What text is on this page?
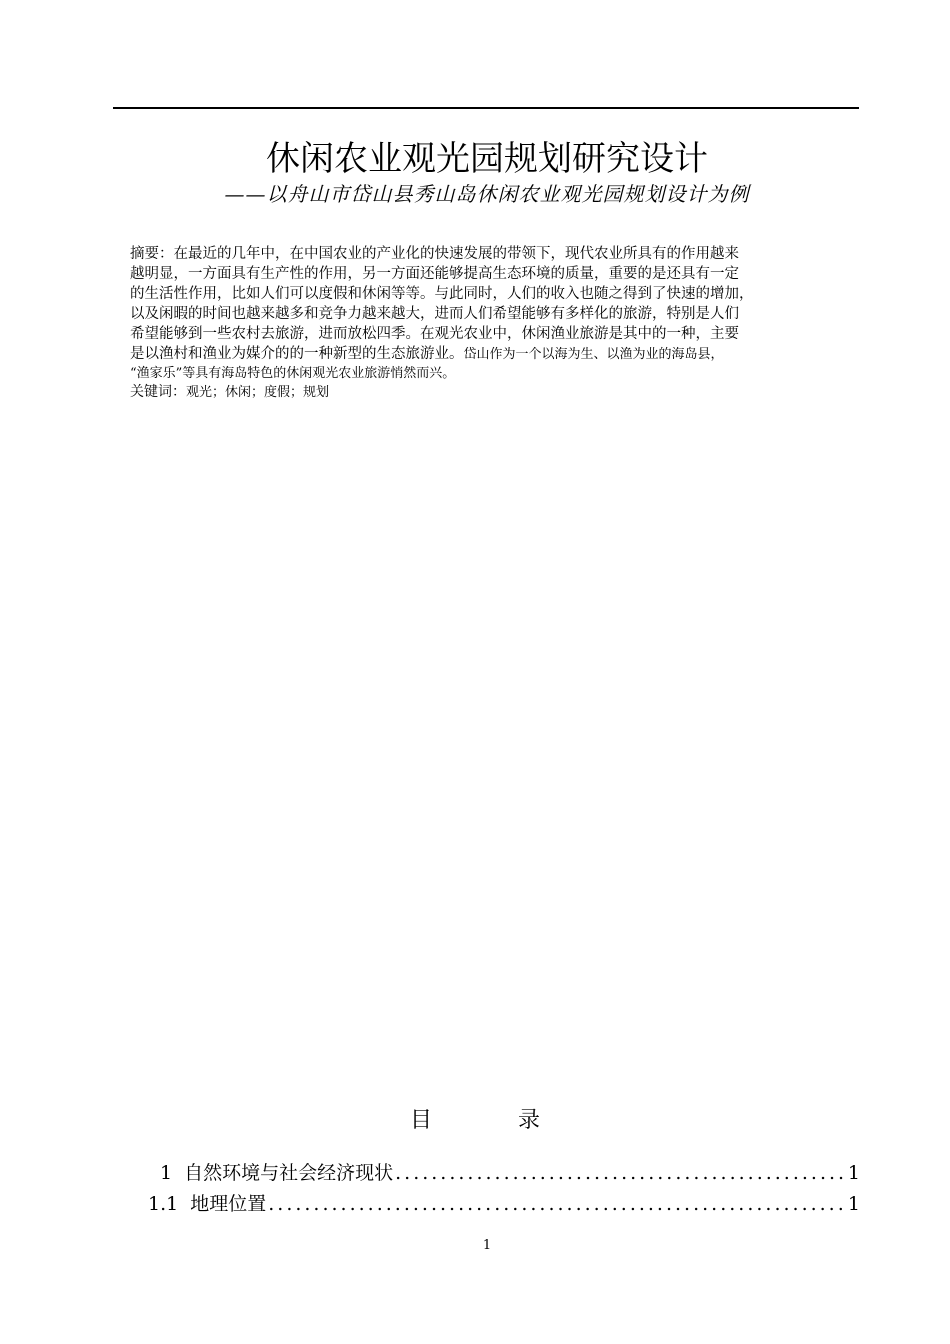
休闲农业观光园规划研究设计
——以舟山市岱山县秀山岛休闲农业观光园规划设计为例
摘要：在最近的几年中，在中国农业的产业化的快速发展的带领下，现代农业所具有的作用越来
越明显，一方面具有生产性的作用，另一方面还能够提高生态环境的质量，重要的是还具有一定
的生活性作用，比如人们可以度假和休闲等等。与此同时，人们的收入也随之得到了快速的增加，
以及闲暇的时间也越来越多和竞争力越来越大，进而人们希望能够有多样化的旅游，特别是人们
希望能够到一些农村去旅游，进而放松四季。在观光农业中，休闲渔业旅游是其中的一种，主要
是以渔村和渔业为媒介的的一种新型的生态旅游业。岱山作为一个以海为生、以渔为业的海岛县，
“渔家乐”等具有海岛特色的休闲观光农业旅游悄然而兴。
关键词：观光；休闲；度假；规划
目	录
1 自然环境与社会经济现状 .....	1
1.1 地理位置 .....	1
1
